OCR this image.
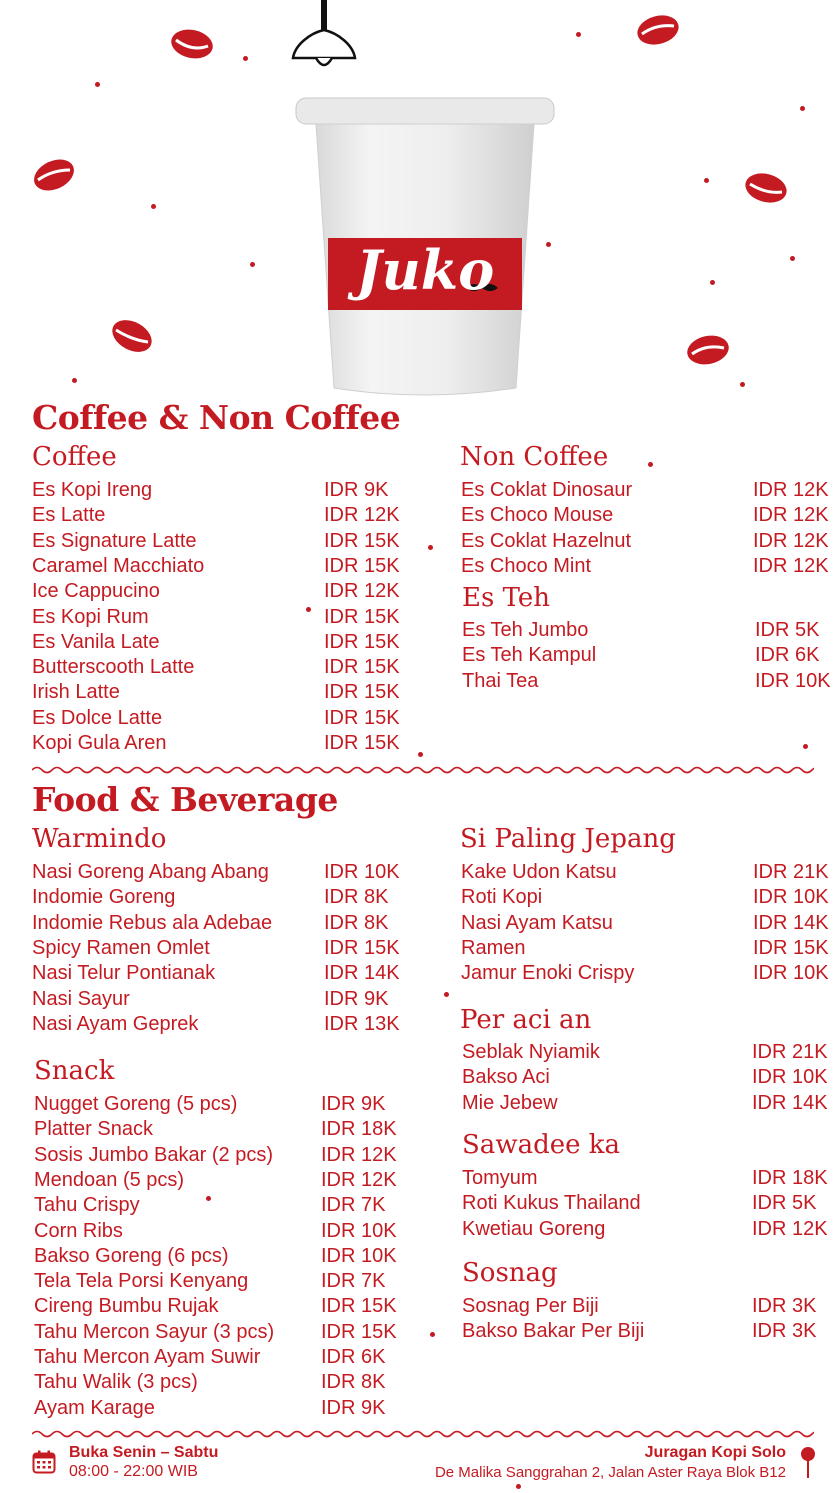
Juko
Coffee & Non Coffee
Coffee	Non Coffee
Es Teh
Food & Beverage
Warmindo	Si Paling Jepang
Snack
Per aci an
Sawadee ka
Sosnag
Buka Senin – Sabtu
08:00 - 22:00 WIB
Juragan Kopi Solo
De Malika Sanggrahan 2, Jalan Aster Raya Blok B12
Es Kopi Ireng	IDR 9K
Es Latte	IDR 12K
Es Signature Latte	IDR 15K
Caramel Macchiato	IDR 15K
Ice Cappucino	IDR 12K
Es Kopi Rum	IDR 15K
Es Vanila Late	IDR 15K
Butterscooth Latte	IDR 15K
Irish Latte	IDR 15K
Es Dolce Latte	IDR 15K
Kopi Gula Aren	IDR 15K
Es Coklat Dinosaur	IDR 12K
Es Choco Mouse	IDR 12K
Es Coklat Hazelnut	IDR 12K
Es Choco Mint	IDR 12K
Es Teh Jumbo	IDR 5K
Es Teh Kampul	IDR 6K
Thai Tea	IDR 10K
Nasi Goreng Abang Abang	IDR 10K
Indomie Goreng	IDR 8K
Indomie Rebus ala Adebae	IDR 8K
Spicy Ramen Omlet	IDR 15K
Nasi Telur Pontianak	IDR 14K
Nasi Sayur	IDR 9K
Nasi Ayam Geprek	IDR 13K
Nugget Goreng (5 pcs)	IDR 9K
Platter Snack	IDR 18K
Sosis Jumbo Bakar (2 pcs) IDR 12K
Mendoan (5 pcs)	IDR 12K
Tahu Crispy	IDR 7K
Corn Ribs	IDR 10K
Bakso Goreng (6 pcs)	IDR 10K
Tela Tela Porsi Kenyang	IDR 7K
Cireng Bumbu Rujak	IDR 15K
Tahu Mercon Sayur (3 pcs) IDR 15K
Tahu Mercon Ayam Suwir	IDR 6K
Tahu Walik (3 pcs)	IDR 8K
Ayam Karage	IDR 9K
Kake Udon Katsu	IDR 21K
Roti Kopi	IDR 10K
Nasi Ayam Katsu	IDR 14K
Ramen	IDR 15K
Jamur Enoki Crispy	IDR 10K
Seblak Nyiamik	IDR 21K
Bakso Aci	IDR 10K
Mie Jebew	IDR 14K
Tomyum	IDR 18K
Roti Kukus Thailand	IDR 5K
Kwetiau Goreng	IDR 12K
Sosnag Per Biji	IDR 3K
Bakso Bakar Per Biji	IDR 3K
